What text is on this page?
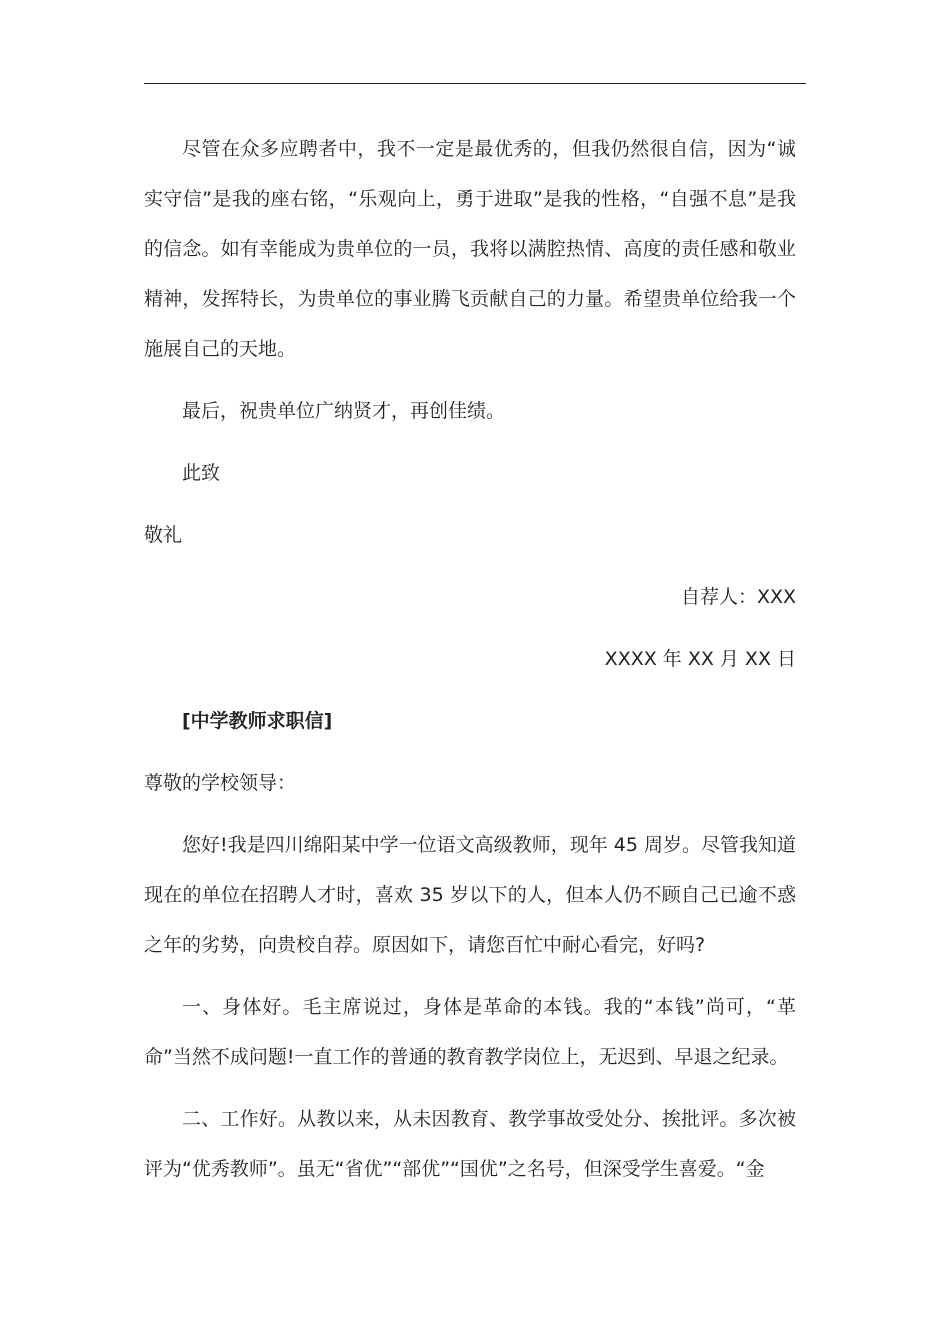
尽管在众多应聘者中，我不一定是最优秀的，但我仍然很自信，因为“诚实守信”是我的座右铭，“乐观向上，勇于进取”是我的性格，“自强不息”是我的信念。如有幸能成为贵单位的一员，我将以满腔热情、高度的责任感和敬业精神，发挥特长，为贵单位的事业腾飞贡献自己的力量。希望贵单位给我一个施展自己的天地。

最后，祝贵单位广纳贤才，再创佳绩。

此致

敬礼

自荐人：XXX

XXXX 年 XX 月 XX 日

[中学教师求职信]

尊敬的学校领导：

您好!我是四川绵阳某中学一位语文高级教师，现年 45 周岁。尽管我知道现在的单位在招聘人才时，喜欢 35 岁以下的人，但本人仍不顾自己已逾不惑之年的劣势，向贵校自荐。原因如下，请您百忙中耐心看完，好吗?

一、身体好。毛主席说过，身体是革命的本钱。我的“本钱”尚可，“革命”当然不成问题!一直工作的普通的教育教学岗位上，无迟到、早退之纪录。

二、工作好。从教以来，从未因教育、教学事故受处分、挨批评。多次被评为“优秀教师”。虽无“省优”“部优”“国优”之名号，但深受学生喜爱。“金
